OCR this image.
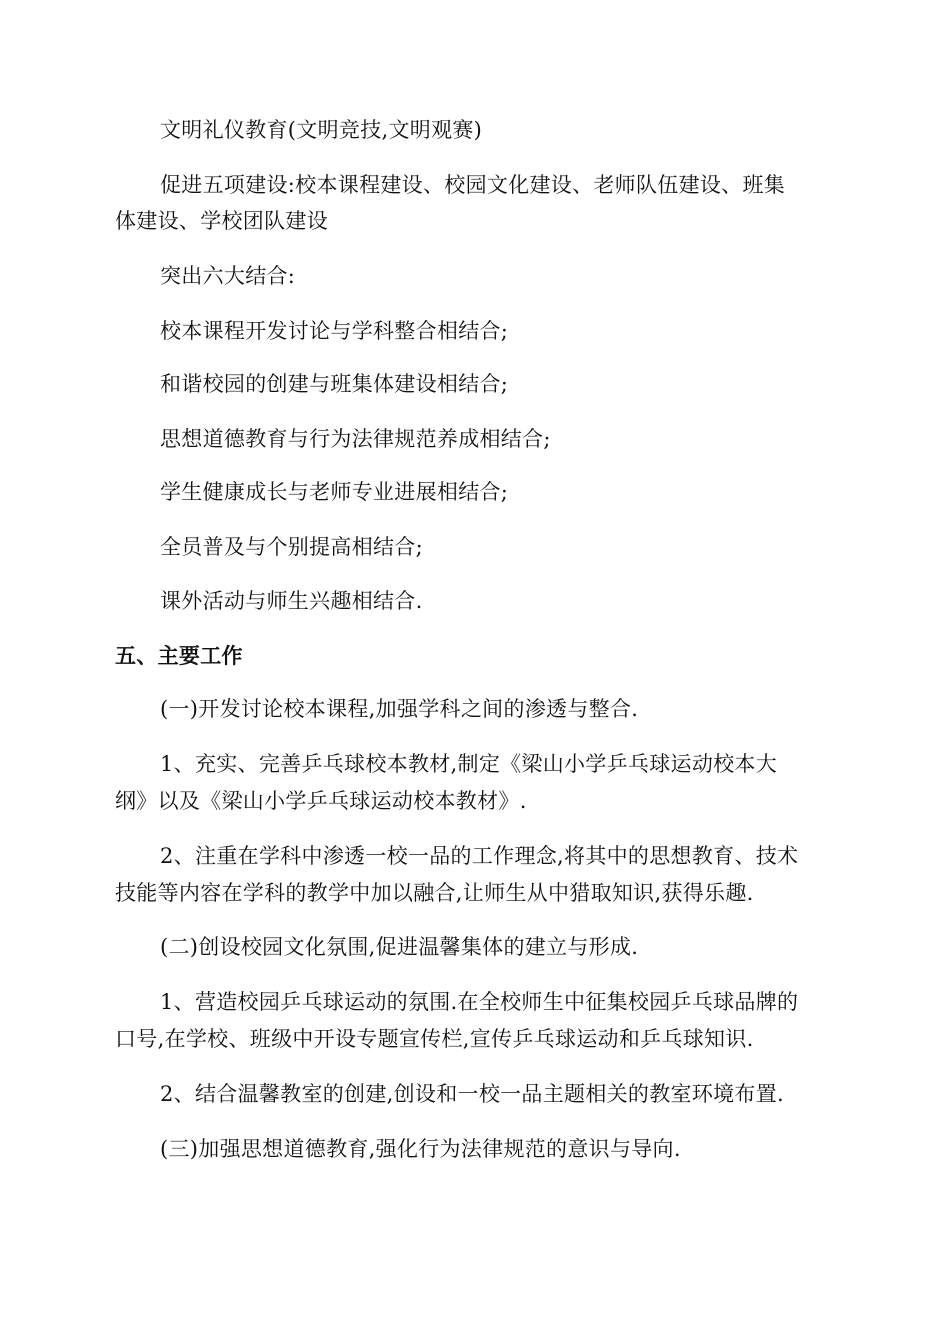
文明礼仪教育(文明竞技,文明观赛)
促进五项建设:校本课程建设、校园文化建设、老师队伍建设、班集
体建设、学校团队建设
突出六大结合:
校本课程开发讨论与学科整合相结合;
和谐校园的创建与班集体建设相结合;
思想道德教育与行为法律规范养成相结合;
学生健康成长与老师专业进展相结合;
全员普及与个别提高相结合;
课外活动与师生兴趣相结合.
五、主要工作
(一)开发讨论校本课程,加强学科之间的渗透与整合.
1、充实、完善乒乓球校本教材,制定《梁山小学乒乓球运动校本大
纲》以及《梁山小学乒乓球运动校本教材》.
2、注重在学科中渗透一校一品的工作理念,将其中的思想教育、技术
技能等内容在学科的教学中加以融合,让师生从中猎取知识,获得乐趣.
(二)创设校园文化氛围,促进温馨集体的建立与形成.
1、营造校园乒乓球运动的氛围.在全校师生中征集校园乒乓球品牌的
口号,在学校、班级中开设专题宣传栏,宣传乒乓球运动和乒乓球知识.
2、结合温馨教室的创建,创设和一校一品主题相关的教室环境布置.
(三)加强思想道德教育,强化行为法律规范的意识与导向.
